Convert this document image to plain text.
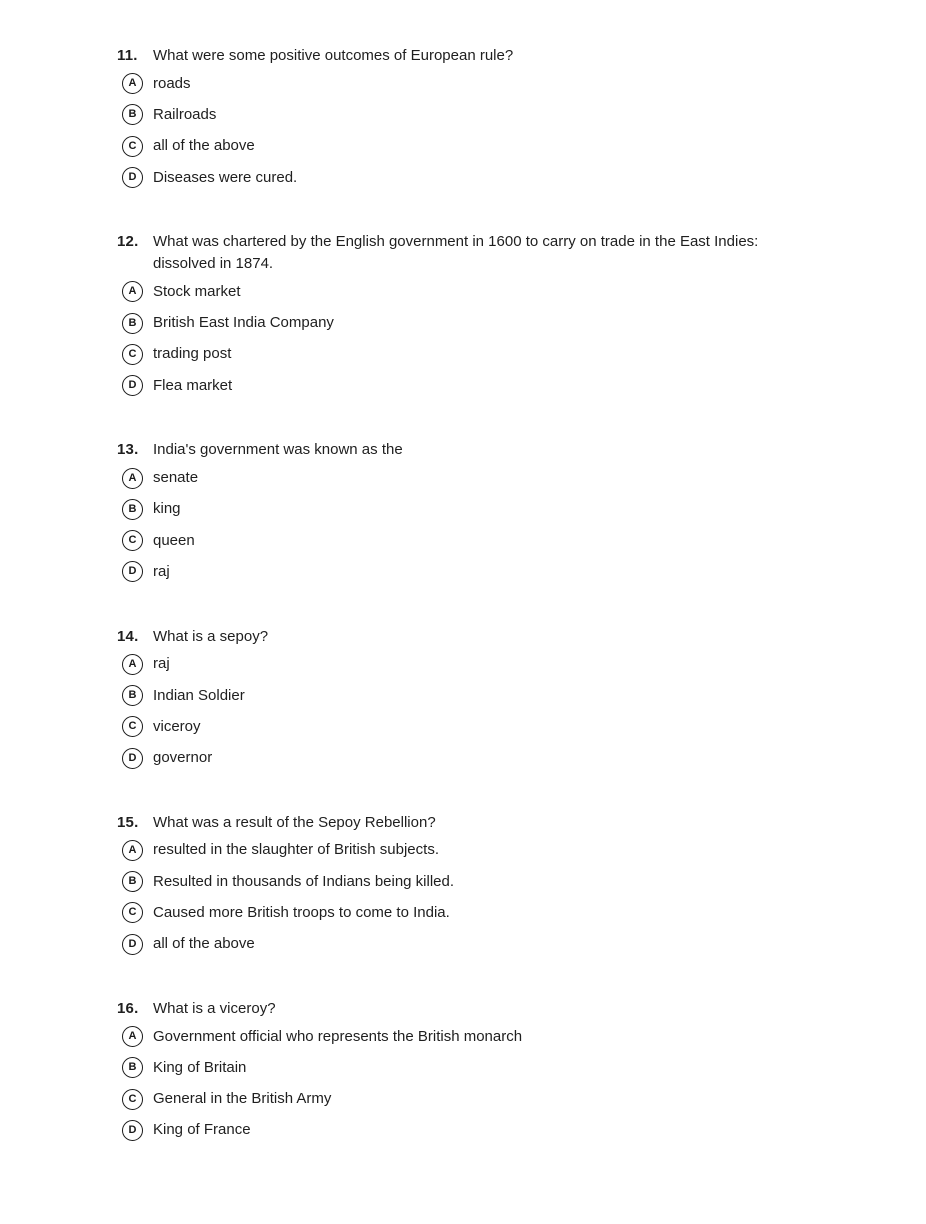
11.	What were some positive outcomes of European rule?
A roads
B Railroads
C all of the above
D Diseases were cured.
12. What was chartered by the English government in 1600 to carry on trade in the East Indies: dissolved in 1874.
A Stock market
B British East India Company
C trading post
D Flea market
13. India's government was known as the
A senate
B king
C queen
D raj
14. What is a sepoy?
A raj
B Indian Soldier
C viceroy
D governor
15. What was a result of the Sepoy Rebellion?
A resulted in the slaughter of British subjects.
B Resulted in thousands of Indians being killed.
C Caused more British troops to come to India.
D all of the above
16. What is a viceroy?
A Government official who represents the British monarch
B King of Britain
C General in the British Army
D King of France
